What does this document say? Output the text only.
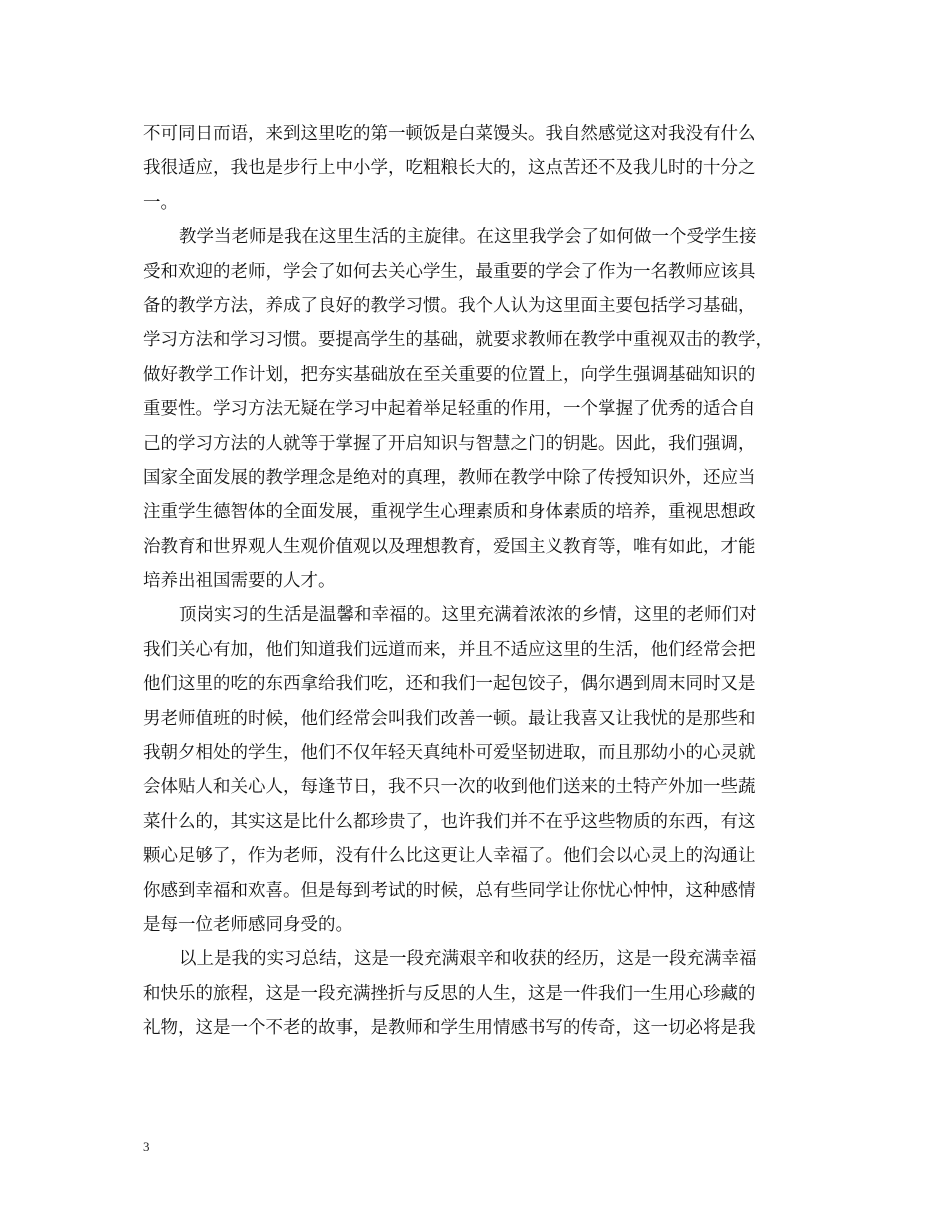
不可同日而语，来到这里吃的第一顿饭是白菜馒头。我自然感觉这对我没有什么
我很适应，我也是步行上中小学，吃粗粮长大的，这点苦还不及我儿时的十分之
一。
教学当老师是我在这里生活的主旋律。在这里我学会了如何做一个受学生接
受和欢迎的老师，学会了如何去关心学生，最重要的学会了作为一名教师应该具
备的教学方法，养成了良好的教学习惯。我个人认为这里面主要包括学习基础，
学习方法和学习习惯。要提高学生的基础，就要求教师在教学中重视双击的教学，
做好教学工作计划，把夯实基础放在至关重要的位置上，向学生强调基础知识的
重要性。学习方法无疑在学习中起着举足轻重的作用，一个掌握了优秀的适合自
己的学习方法的人就等于掌握了开启知识与智慧之门的钥匙。因此，我们强调，
国家全面发展的教学理念是绝对的真理，教师在教学中除了传授知识外，还应当
注重学生德智体的全面发展，重视学生心理素质和身体素质的培养，重视思想政
治教育和世界观人生观价值观以及理想教育，爱国主义教育等，唯有如此，才能
培养出祖国需要的人才。
顶岗实习的生活是温馨和幸福的。这里充满着浓浓的乡情，这里的老师们对
我们关心有加，他们知道我们远道而来，并且不适应这里的生活，他们经常会把
他们这里的吃的东西拿给我们吃，还和我们一起包饺子，偶尔遇到周末同时又是
男老师值班的时候，他们经常会叫我们改善一顿。最让我喜又让我忧的是那些和
我朝夕相处的学生，他们不仅年轻天真纯朴可爱坚韧进取，而且那幼小的心灵就
会体贴人和关心人，每逢节日，我不只一次的收到他们送来的土特产外加一些蔬
菜什么的，其实这是比什么都珍贵了，也许我们并不在乎这些物质的东西，有这
颗心足够了，作为老师，没有什么比这更让人幸福了。他们会以心灵上的沟通让
你感到幸福和欢喜。但是每到考试的时候，总有些同学让你忧心忡忡，这种感情
是每一位老师感同身受的。
以上是我的实习总结，这是一段充满艰辛和收获的经历，这是一段充满幸福
和快乐的旅程，这是一段充满挫折与反思的人生，这是一件我们一生用心珍藏的
礼物，这是一个不老的故事，是教师和学生用情感书写的传奇，这一切必将是我
3
